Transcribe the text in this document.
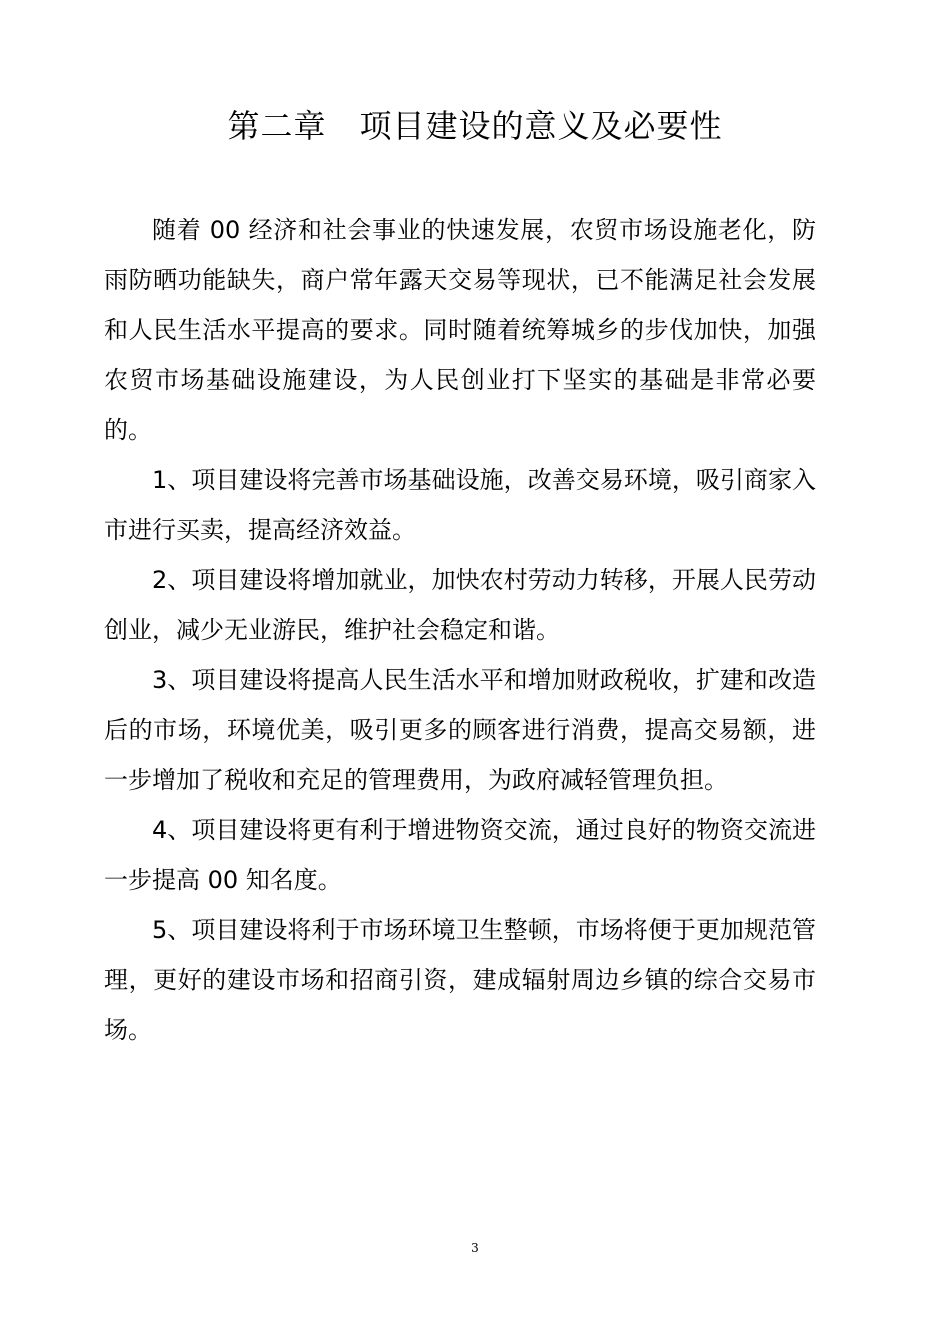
第二章　项目建设的意义及必要性

随着 00 经济和社会事业的快速发展，农贸市场设施老化，防雨防晒功能缺失，商户常年露天交易等现状，已不能满足社会发展和人民生活水平提高的要求。同时随着统筹城乡的步伐加快，加强农贸市场基础设施建设，为人民创业打下坚实的基础是非常必要的。

1、项目建设将完善市场基础设施，改善交易环境，吸引商家入市进行买卖，提高经济效益。

2、项目建设将增加就业，加快农村劳动力转移，开展人民劳动创业，减少无业游民，维护社会稳定和谐。

3、项目建设将提高人民生活水平和增加财政税收，扩建和改造后的市场，环境优美，吸引更多的顾客进行消费，提高交易额，进一步增加了税收和充足的管理费用，为政府减轻管理负担。

4、项目建设将更有利于增进物资交流，通过良好的物资交流进一步提高 00 知名度。

5、项目建设将利于市场环境卫生整顿，市场将便于更加规范管理，更好的建设市场和招商引资，建成辐射周边乡镇的综合交易市场。

3
